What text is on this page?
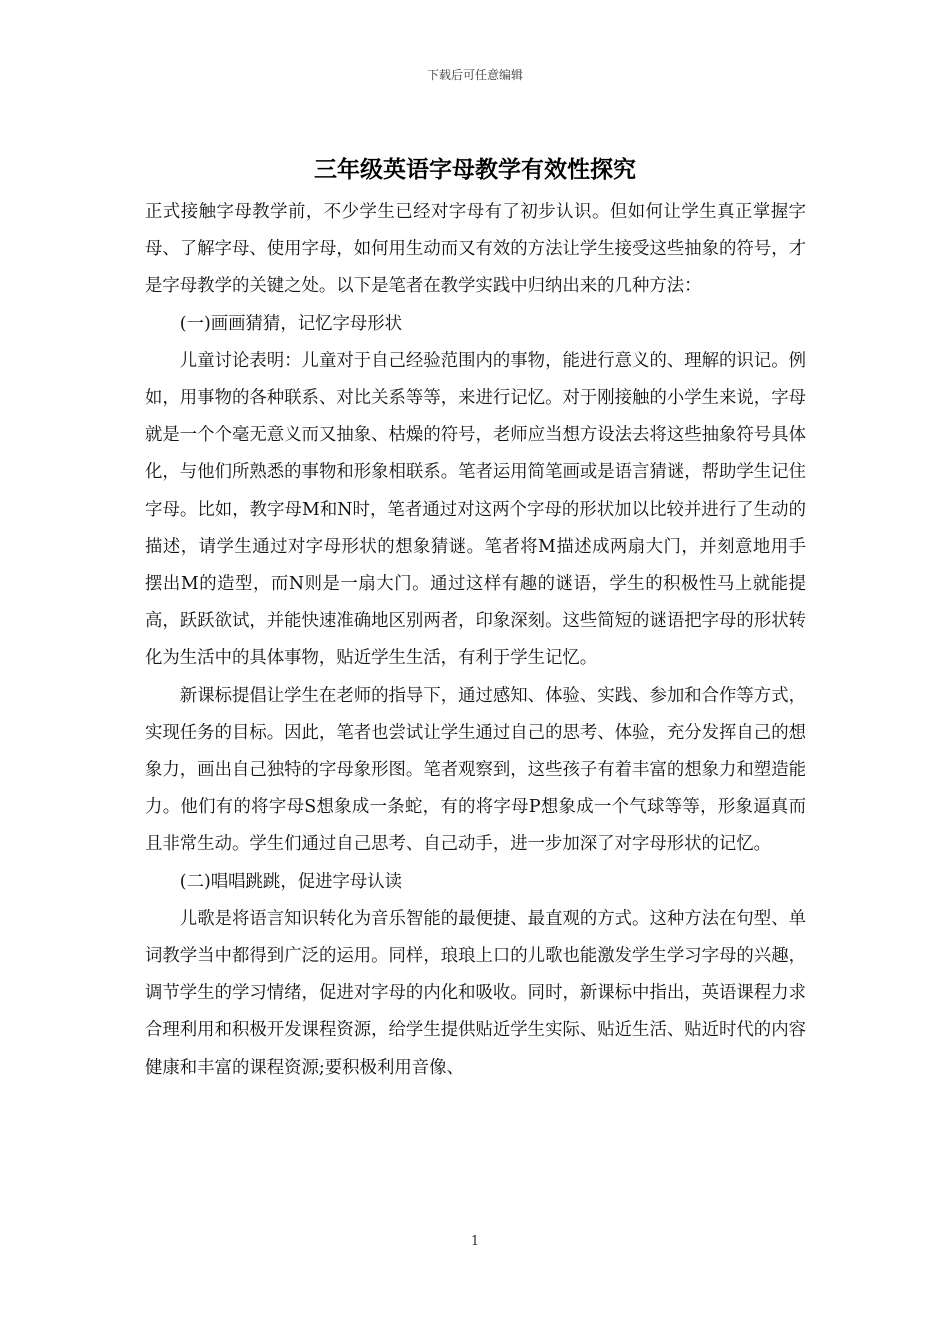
下载后可任意编辑
三年级英语字母教学有效性探究

正式接触字母教学前，不少学生已经对字母有了初步认识。但如何让学生真正掌握字母、了解字母、使用字母，如何用生动而又有效的方法让学生接受这些抽象的符号，才是字母教学的关键之处。以下是笔者在教学实践中归纳出来的几种方法：

(一)画画猜猜，记忆字母形状

儿童讨论表明：儿童对于自己经验范围内的事物，能进行意义的、理解的识记。例如，用事物的各种联系、对比关系等等，来进行记忆。对于刚接触的小学生来说，字母就是一个个毫无意义而又抽象、枯燥的符号，老师应当想方设法去将这些抽象符号具体化，与他们所熟悉的事物和形象相联系。笔者运用简笔画或是语言猜谜，帮助学生记住字母。比如，教字母M和N时，笔者通过对这两个字母的形状加以比较并进行了生动的描述，请学生通过对字母形状的想象猜谜。笔者将M描述成两扇大门，并刻意地用手摆出M的造型，而N则是一扇大门。通过这样有趣的谜语，学生的积极性马上就能提高，跃跃欲试，并能快速准确地区别两者，印象深刻。这些简短的谜语把字母的形状转化为生活中的具体事物，贴近学生生活，有利于学生记忆。

新课标提倡让学生在老师的指导下，通过感知、体验、实践、参加和合作等方式，实现任务的目标。因此，笔者也尝试让学生通过自己的思考、体验，充分发挥自己的想象力，画出自己独特的字母象形图。笔者观察到，这些孩子有着丰富的想象力和塑造能力。他们有的将字母S想象成一条蛇，有的将字母P想象成一个气球等等，形象逼真而且非常生动。学生们通过自己思考、自己动手，进一步加深了对字母形状的记忆。

(二)唱唱跳跳，促进字母认读

儿歌是将语言知识转化为音乐智能的最便捷、最直观的方式。这种方法在句型、单词教学当中都得到广泛的运用。同样，琅琅上口的儿歌也能激发学生学习字母的兴趣，调节学生的学习情绪，促进对字母的内化和吸收。同时，新课标中指出，英语课程力求合理利用和积极开发课程资源，给学生提供贴近学生实际、贴近生活、贴近时代的内容健康和丰富的课程资源;要积极利用音像、

1
